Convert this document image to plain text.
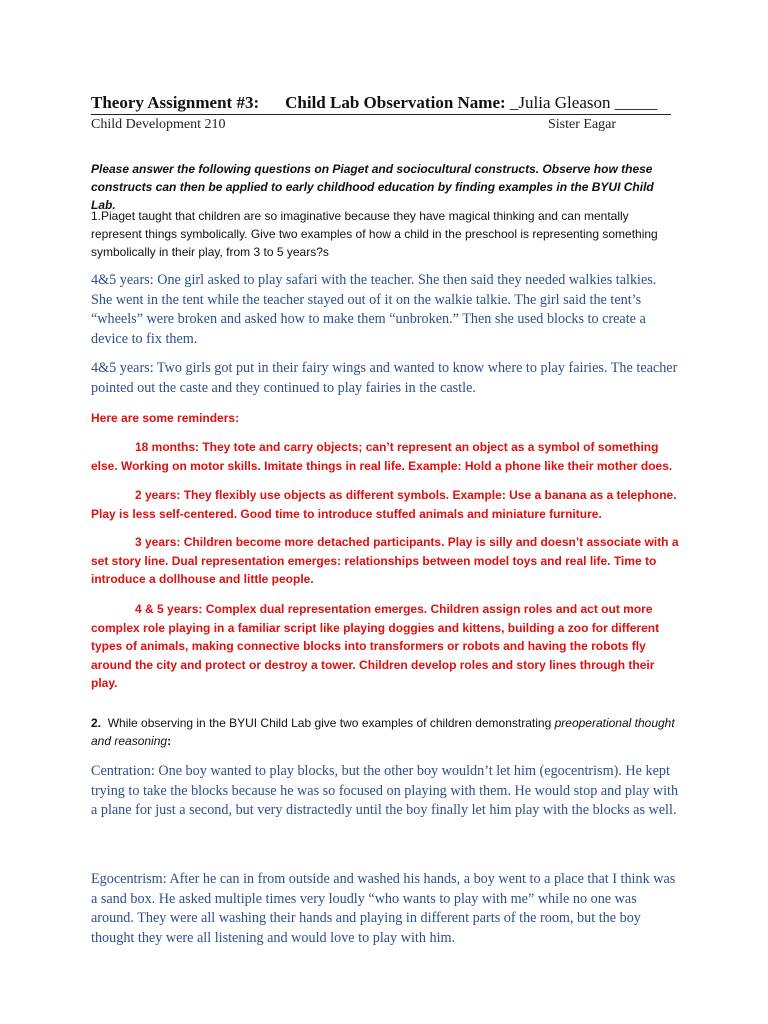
Theory Assignment #3: Child Lab Observation Name: _Julia Gleason _____
Child Development 210	Sister Eagar
Please answer the following questions on Piaget and sociocultural constructs. Observe how these constructs can then be applied to early childhood education by finding examples in the BYUI Child Lab.
1.Piaget taught that children are so imaginative because they have magical thinking and can mentally represent things symbolically. Give two examples of how a child in the preschool is representing something symbolically in their play, from 3 to 5 years?s
4&5 years: One girl asked to play safari with the teacher. She then said they needed walkies talkies. She went in the tent while the teacher stayed out of it on the walkie talkie. The girl said the tent’s “wheels” were broken and asked how to make them “unbroken.” Then she used blocks to create a device to fix them.
4&5 years: Two girls got put in their fairy wings and wanted to know where to play fairies. The teacher pointed out the caste and they continued to play fairies in the castle.
Here are some reminders:
18 months: They tote and carry objects; can’t represent an object as a symbol of something else. Working on motor skills. Imitate things in real life. Example: Hold a phone like their mother does.
2 years: They flexibly use objects as different symbols. Example: Use a banana as a telephone. Play is less self-centered. Good time to introduce stuffed animals and miniature furniture.
3 years: Children become more detached participants. Play is silly and doesn’t associate with a set story line. Dual representation emerges: relationships between model toys and real life. Time to introduce a dollhouse and little people.
4 & 5 years: Complex dual representation emerges. Children assign roles and act out more complex role playing in a familiar script like playing doggies and kittens, building a zoo for different types of animals, making connective blocks into transformers or robots and having the robots fly around the city and protect or destroy a tower. Children develop roles and story lines through their play.
2. While observing in the BYUI Child Lab give two examples of children demonstrating preoperational thought and reasoning:
Centration: One boy wanted to play blocks, but the other boy wouldn’t let him (egocentrism). He kept trying to take the blocks because he was so focused on playing with them. He would stop and play with a plane for just a second, but very distractedly until the boy finally let him play with the blocks as well.
Egocentrism: After he can in from outside and washed his hands, a boy went to a place that I think was a sand box. He asked multiple times very loudly “who wants to play with me” while no one was around. They were all washing their hands and playing in different parts of the room, but the boy thought they were all listening and would love to play with him.
